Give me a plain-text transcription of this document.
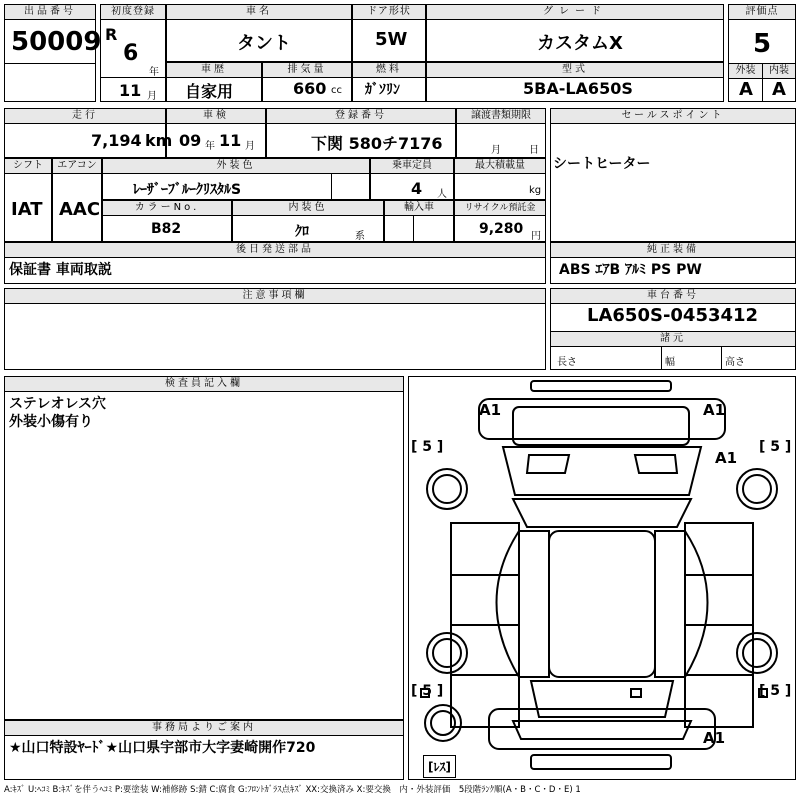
出品番号
50009
初度登録
R
6
年
11 月
車名
タント
ドア形状
5W
グレード
カスタムX
評価点
5
外装	内装
A A
車歴
自家用
排気量
660 cc
燃料
ｶﾞｿﾘﾝ
型式
5BA-LA650S
走行
7,194 km
車検
09 年 11 月
登録番号
下関 580チ7176
譲渡書類期限
月	日
セールスポイント
シートヒーター
シフト
IAT
エアコン
AAC
外装色
ﾚｰｻﾞｰﾌﾞﾙｰｸﾘｽﾀﾙS
乗車定員
4 人
最大積載量
kg
カラーNo.
B82
内装色
ｸﾛ	系
輸入車	リサイクル預託金
9,280 円
後日発送部品
保証書 車両取説
純正装備
ABS ｴｱB ｱﾙﾐ PS PW
注意事項欄	車台番号
LA650S-0453412
諸元
長さ	幅	高さ
検査員記入欄
ステレオレス穴
外装小傷有り
事務局よりご案内
★山口特設ﾔｰﾄﾞ★山口県宇部市大字妻崎開作720
A1	A1
A1
A1
[ 5 ]	[ 5 ]
[ 5 ]	[ 5 ]
[ﾚｽ]
A:ｷｽﾞ U:ﾍｺﾐ B:ｷｽﾞを伴うﾍｺﾐ P:要塗装 W:補修跡 S:錆 C:腐食 G:ﾌﾛﾝﾄｶﾞﾗｽ点ｷｽﾞ XX:交換済み X:要交換　内・外装評価　5段階ﾗﾝｸ順(A・B・C・D・E) 1
